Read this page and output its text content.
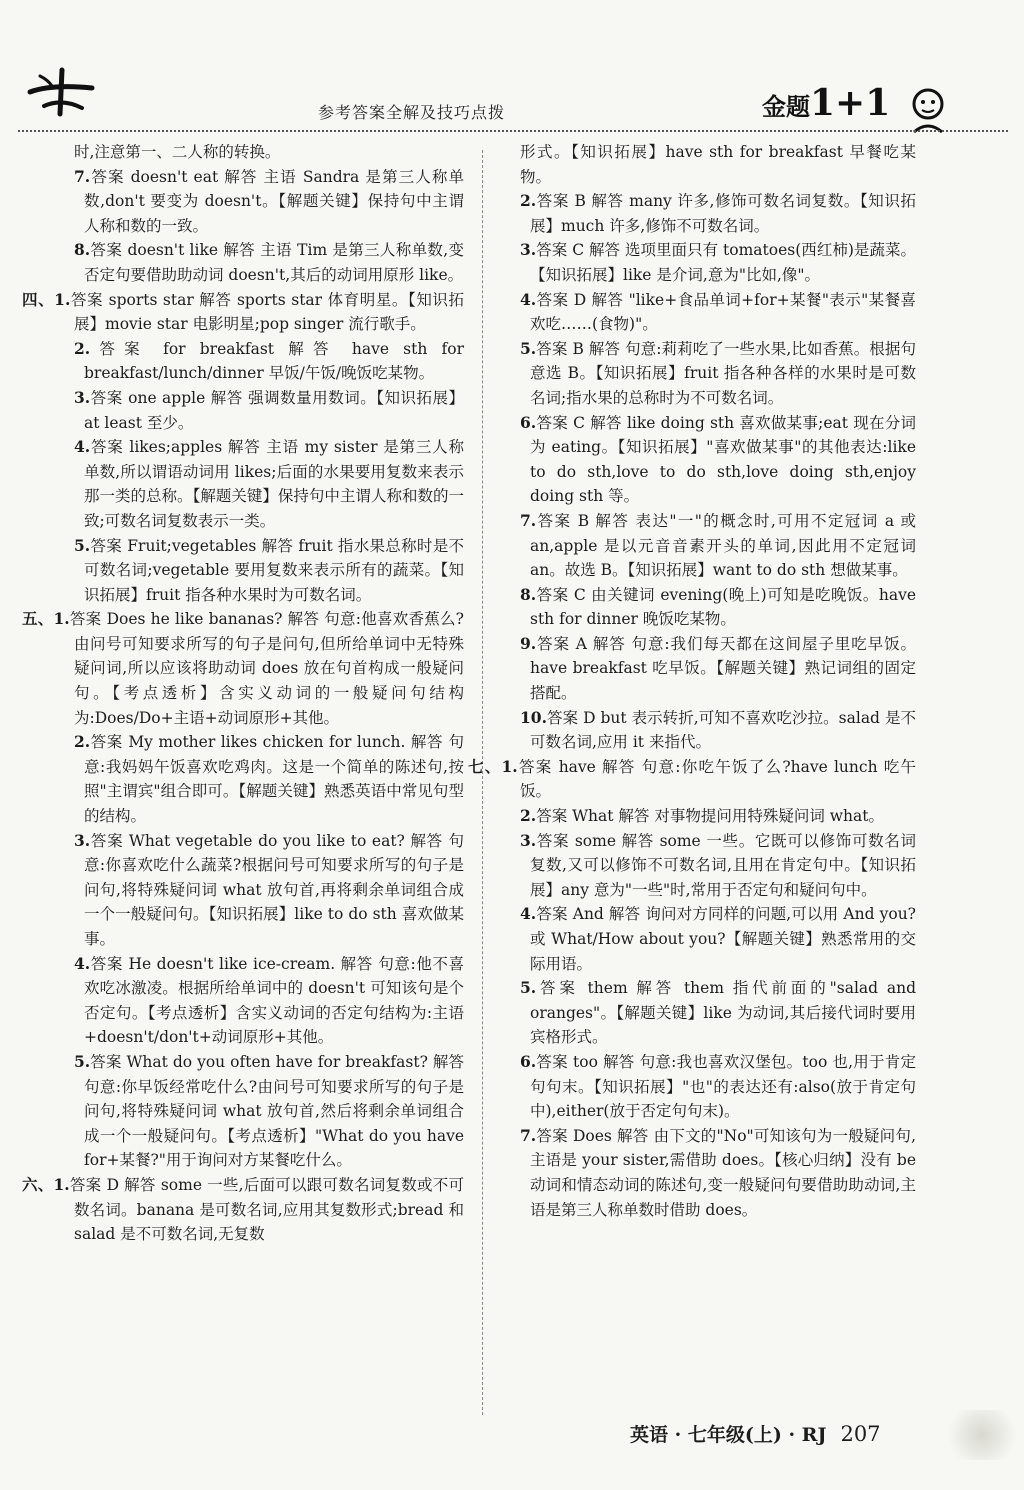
参考答案全解及技巧点拨	金题1+1

时,注意第一、二人称的转换。

7.答案 doesn't eat 解答 主语 Sandra 是第三人称单数,don't 要变为 doesn't。【解题关键】保持句中主谓人称和数的一致。

8.答案 doesn't like 解答 主语 Tim 是第三人称单数,变否定句要借助助动词 doesn't,其后的动词用原形 like。

四、1.答案 sports star 解答 sports star 体育明星。【知识拓展】movie star 电影明星;pop singer 流行歌手。

2.答案 for breakfast 解答 have sth for breakfast/lunch/dinner 早饭/午饭/晚饭吃某物。

3.答案 one apple 解答 强调数量用数词。【知识拓展】at least 至少。

4.答案 likes;apples 解答 主语 my sister 是第三人称单数,所以谓语动词用 likes;后面的水果要用复数来表示那一类的总称。【解题关键】保持句中主谓人称和数的一致;可数名词复数表示一类。

5.答案 Fruit;vegetables 解答 fruit 指水果总称时是不可数名词;vegetable 要用复数来表示所有的蔬菜。【知识拓展】fruit 指各种水果时为可数名词。

五、1.答案 Does he like bananas? 解答 句意:他喜欢香蕉么?由问号可知要求所写的句子是问句,但所给单词中无特殊疑问词,所以应该将助动词 does 放在句首构成一般疑问句。【考点透析】含实义动词的一般疑问句结构为:Does/Do+主语+动词原形+其他。

2.答案 My mother likes chicken for lunch. 解答 句意:我妈妈午饭喜欢吃鸡肉。这是一个简单的陈述句,按照"主谓宾"组合即可。【解题关键】熟悉英语中常见句型的结构。

3.答案 What vegetable do you like to eat? 解答 句意:你喜欢吃什么蔬菜?根据问号可知要求所写的句子是问句,将特殊疑问词 what 放句首,再将剩余单词组合成一个一般疑问句。【知识拓展】like to do sth 喜欢做某事。

4.答案 He doesn't like ice-cream. 解答 句意:他不喜欢吃冰激凌。根据所给单词中的 doesn't 可知该句是个否定句。【考点透析】含实义动词的否定句结构为:主语+doesn't/don't+动词原形+其他。

5.答案 What do you often have for breakfast? 解答 句意:你早饭经常吃什么?由问号可知要求所写的句子是问句,将特殊疑问词 what 放句首,然后将剩余单词组合成一个一般疑问句。【考点透析】"What do you have for+某餐?"用于询问对方某餐吃什么。

六、1.答案 D 解答 some 一些,后面可以跟可数名词复数或不可数名词。banana 是可数名词,应用其复数形式;bread 和 salad 是不可数名词,无复数

形式。【知识拓展】have sth for breakfast 早餐吃某物。

2.答案 B 解答 many 许多,修饰可数名词复数。【知识拓展】much 许多,修饰不可数名词。

3.答案 C 解答 选项里面只有 tomatoes(西红柿)是蔬菜。【知识拓展】like 是介词,意为"比如,像"。

4.答案 D 解答 "like+食品单词+for+某餐"表示"某餐喜欢吃……(食物)"。

5.答案 B 解答 句意:莉莉吃了一些水果,比如香蕉。根据句意选 B。【知识拓展】fruit 指各种各样的水果时是可数名词;指水果的总称时为不可数名词。

6.答案 C 解答 like doing sth 喜欢做某事;eat 现在分词为 eating。【知识拓展】"喜欢做某事"的其他表达:like to do sth,love to do sth,love doing sth,enjoy doing sth 等。

7.答案 B 解答 表达"一"的概念时,可用不定冠词 a 或 an,apple 是以元音音素开头的单词,因此用不定冠词 an。故选 B。【知识拓展】want to do sth 想做某事。

8.答案 C 由关键词 evening(晚上)可知是吃晚饭。have sth for dinner 晚饭吃某物。

9.答案 A 解答 句意:我们每天都在这间屋子里吃早饭。have breakfast 吃早饭。【解题关键】熟记词组的固定搭配。

10.答案 D but 表示转折,可知不喜欢吃沙拉。salad 是不可数名词,应用 it 来指代。

七、1.答案 have 解答 句意:你吃午饭了么?have lunch 吃午饭。

2.答案 What 解答 对事物提问用特殊疑问词 what。

3.答案 some 解答 some 一些。它既可以修饰可数名词复数,又可以修饰不可数名词,且用在肯定句中。【知识拓展】any 意为"一些"时,常用于否定句和疑问句中。

4.答案 And 解答 询问对方同样的问题,可以用 And you? 或 What/How about you?【解题关键】熟悉常用的交际用语。

5.答案 them 解答 them 指代前面的"salad and oranges"。【解题关键】like 为动词,其后接代词时要用宾格形式。

6.答案 too 解答 句意:我也喜欢汉堡包。too 也,用于肯定句句末。【知识拓展】"也"的表达还有:also(放于肯定句中),either(放于否定句句末)。

7.答案 Does 解答 由下文的"No"可知该句为一般疑问句,主语是 your sister,需借助 does。【核心归纳】没有 be 动词和情态动词的陈述句,变一般疑问句要借助助动词,主语是第三人称单数时借助 does。

英语 · 七年级(上) · RJ 207
